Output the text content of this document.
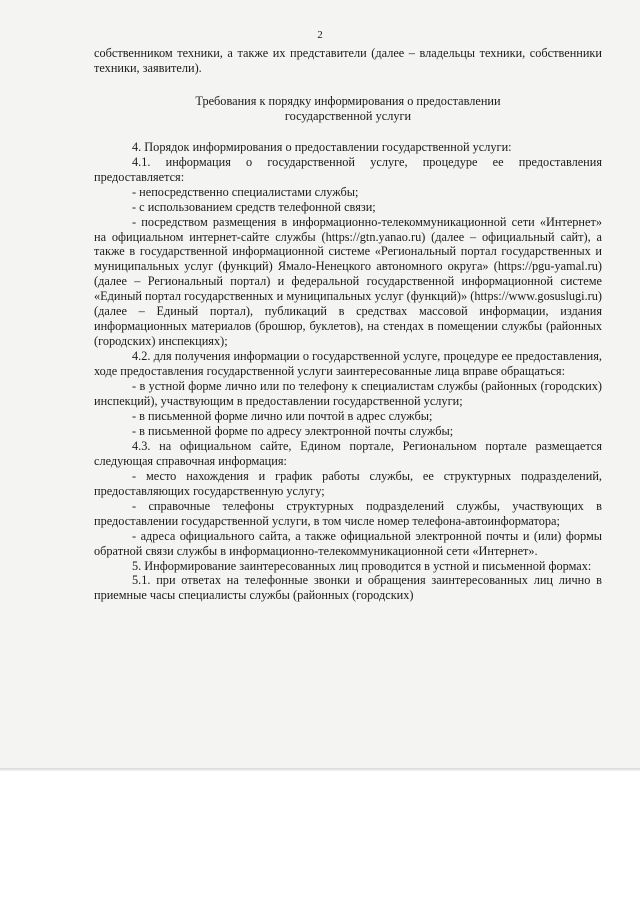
2

собственником техники, а также их представители (далее – владельцы техники, собственники техники, заявители).

Требования к порядку информирования о предоставлении
государственной услуги

4. Порядок информирования о предоставлении государственной услуги:

4.1. информация о государственной услуге, процедуре ее предоставления предоставляется:

- непосредственно специалистами службы;

- с использованием средств телефонной связи;

- посредством размещения в информационно-телекоммуникационной сети «Интернет» на официальном интернет-сайте службы (https://gtn.yanao.ru) (далее – официальный сайт), а также в государственной информационной системе «Региональный портал государственных и муниципальных услуг (функций) Ямало-Ненецкого автономного округа» (https://pgu-yamal.ru) (далее – Региональный портал) и федеральной государственной информационной системе «Единый портал государственных и муниципальных услуг (функций)» (https://www.gosuslugi.ru) (далее – Единый портал), публикаций в средствах массовой информации, издания информационных материалов (брошюр, буклетов), на стендах в помещении службы (районных (городских) инспекциях);

4.2. для получения информации о государственной услуге, процедуре ее предоставления, ходе предоставления государственной услуги заинтересованные лица вправе обращаться:

- в устной форме лично или по телефону к специалистам службы (районных (городских) инспекций), участвующим в предоставлении государственной услуги;

- в письменной форме лично или почтой в адрес службы;

- в письменной форме по адресу электронной почты службы;

4.3. на официальном сайте, Едином портале, Региональном портале размещается следующая справочная информация:

- место нахождения и график работы службы, ее структурных подразделений, предоставляющих государственную услугу;

- справочные телефоны структурных подразделений службы, участвующих в предоставлении государственной услуги, в том числе номер телефона-автоинформатора;

- адреса официального сайта, а также официальной электронной почты и (или) формы обратной связи службы в информационно-телекоммуникационной сети «Интернет».

5. Информирование заинтересованных лиц проводится в устной и письменной формах:

5.1. при ответах на телефонные звонки и обращения заинтересованных лиц лично в приемные часы специалисты службы (районных (городских)
